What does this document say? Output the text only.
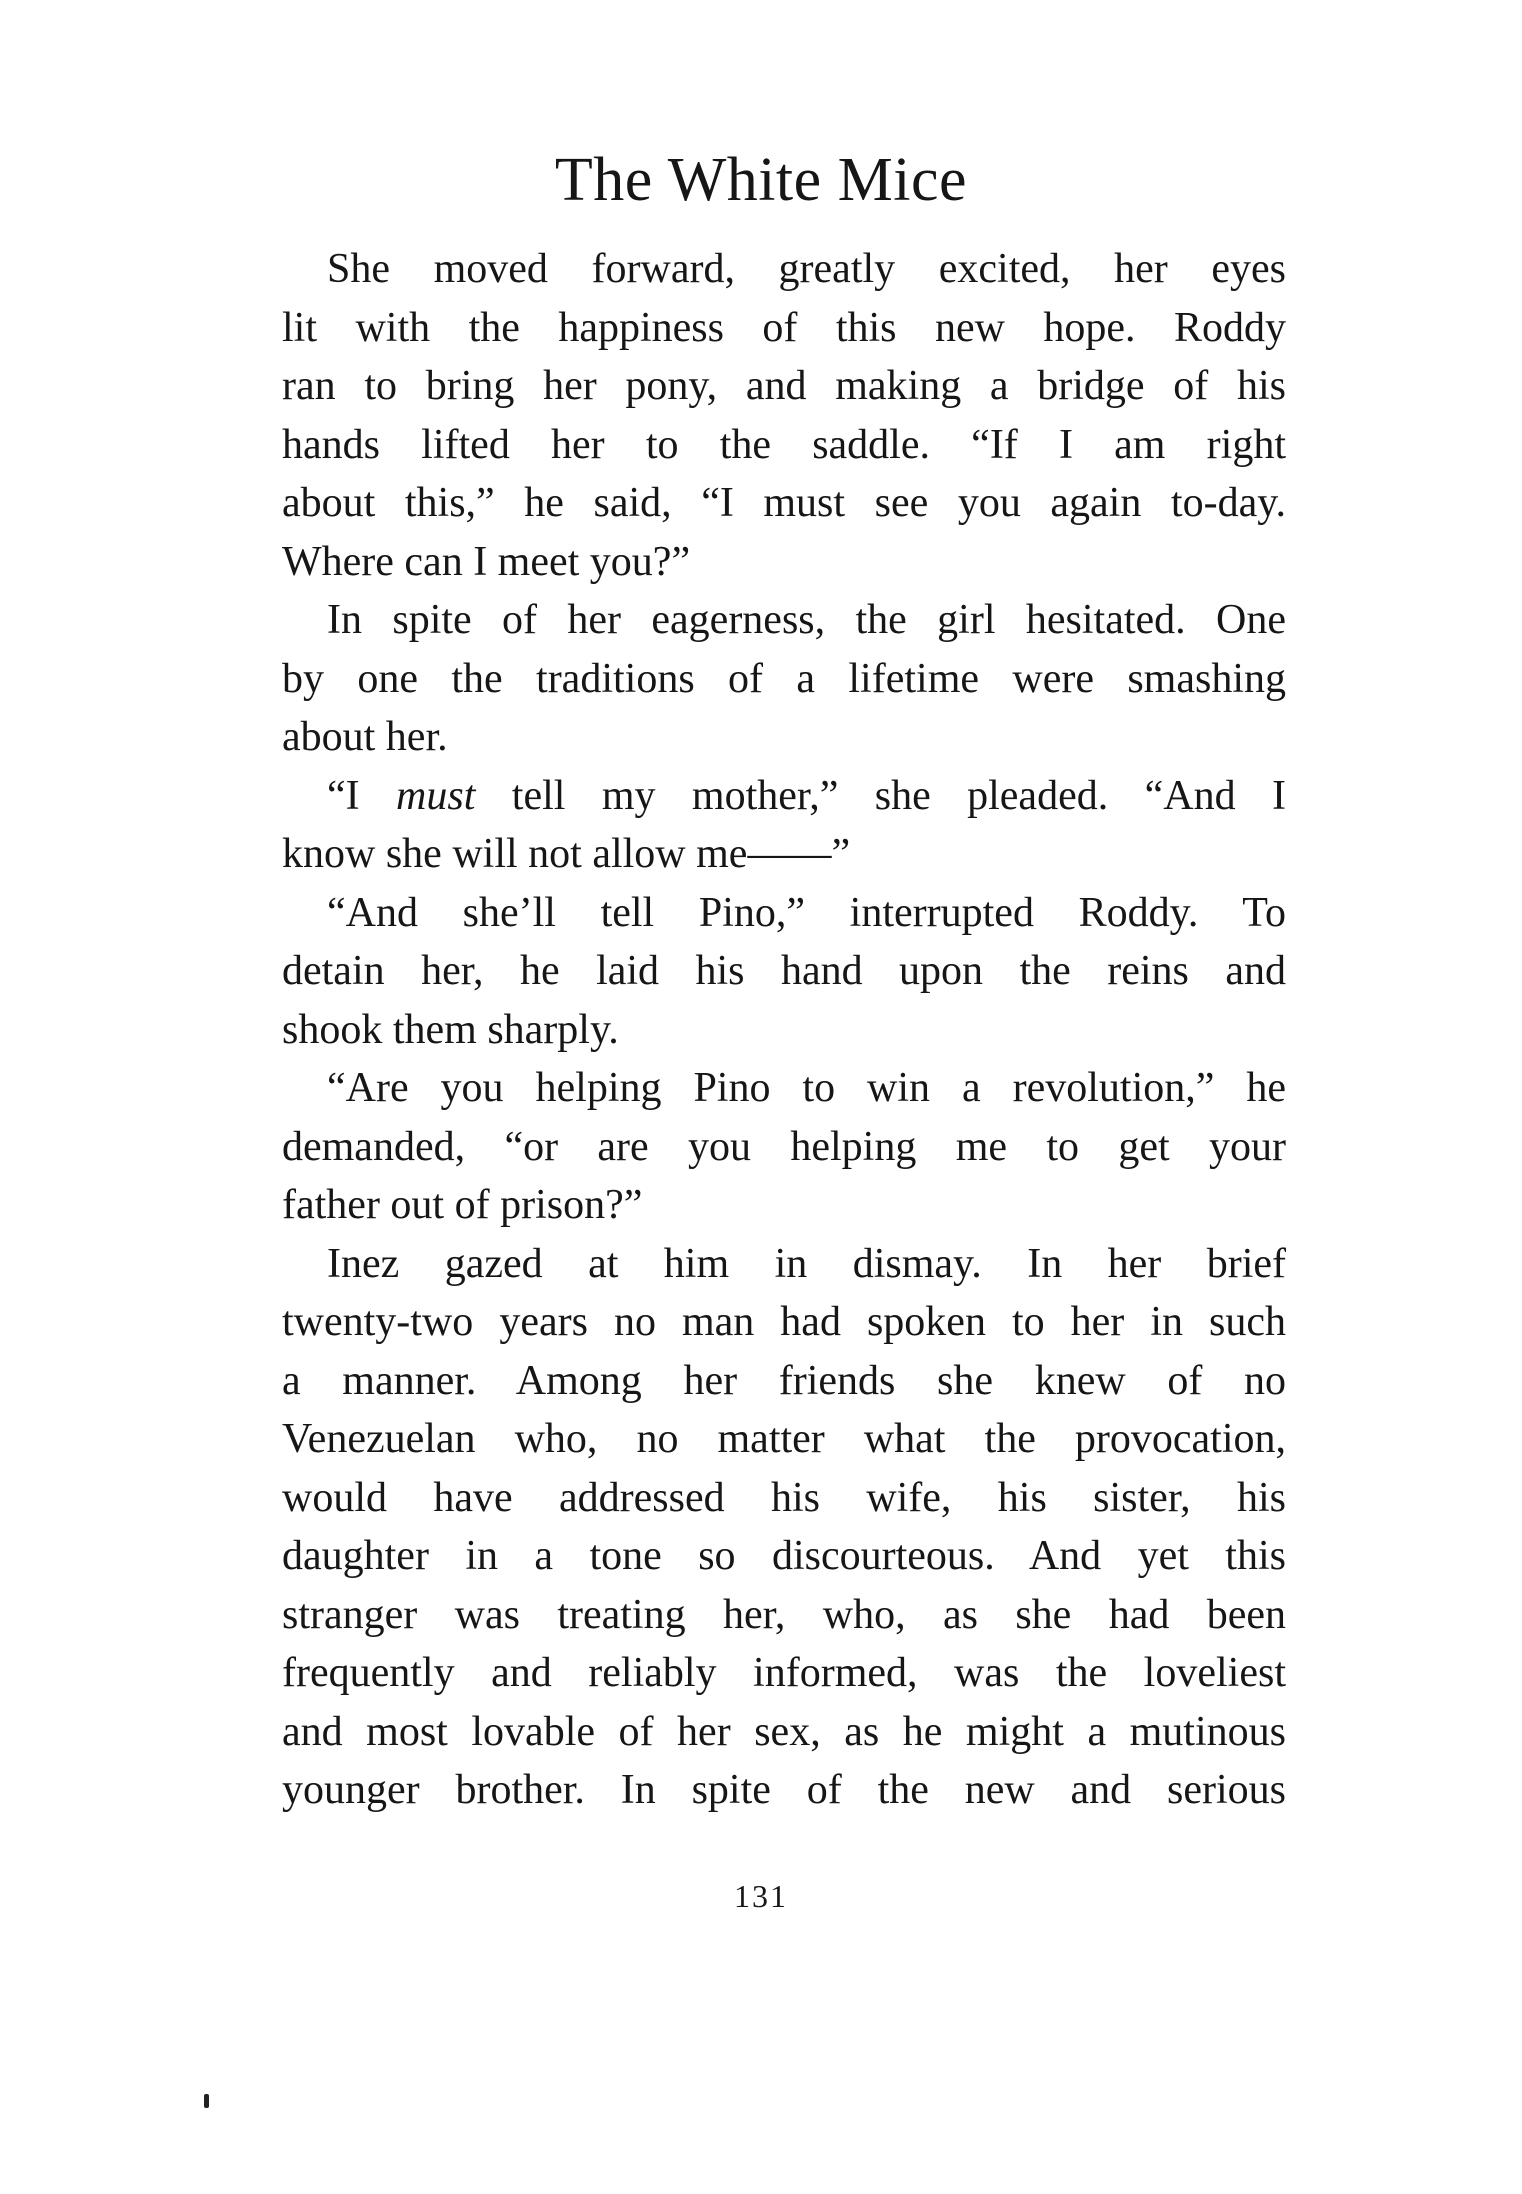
The White Mice
She moved forward, greatly excited, her eyes
lit with the happiness of this new hope. Roddy
ran to bring her pony, and making a bridge of his
hands lifted her to the saddle. “If I am right
about this,” he said, “I must see you again to-day.
Where can I meet you?”
In spite of her eagerness, the girl hesitated. One
by one the traditions of a lifetime were smashing
about her.
“I must tell my mother,” she pleaded. “And I
know she will not allow me——”
“And she’ll tell Pino,” interrupted Roddy. To
detain her, he laid his hand upon the reins and
shook them sharply.
“Are you helping Pino to win a revolution,” he
demanded, “or are you helping me to get your
father out of prison?”
Inez gazed at him in dismay. In her brief
twenty-two years no man had spoken to her in such
a manner. Among her friends she knew of no
Venezuelan who, no matter what the provocation,
would have addressed his wife, his sister, his
daughter in a tone so discourteous. And yet this
stranger was treating her, who, as she had been
frequently and reliably informed, was the loveliest
and most lovable of her sex, as he might a mutinous
younger brother. In spite of the new and serious
131
